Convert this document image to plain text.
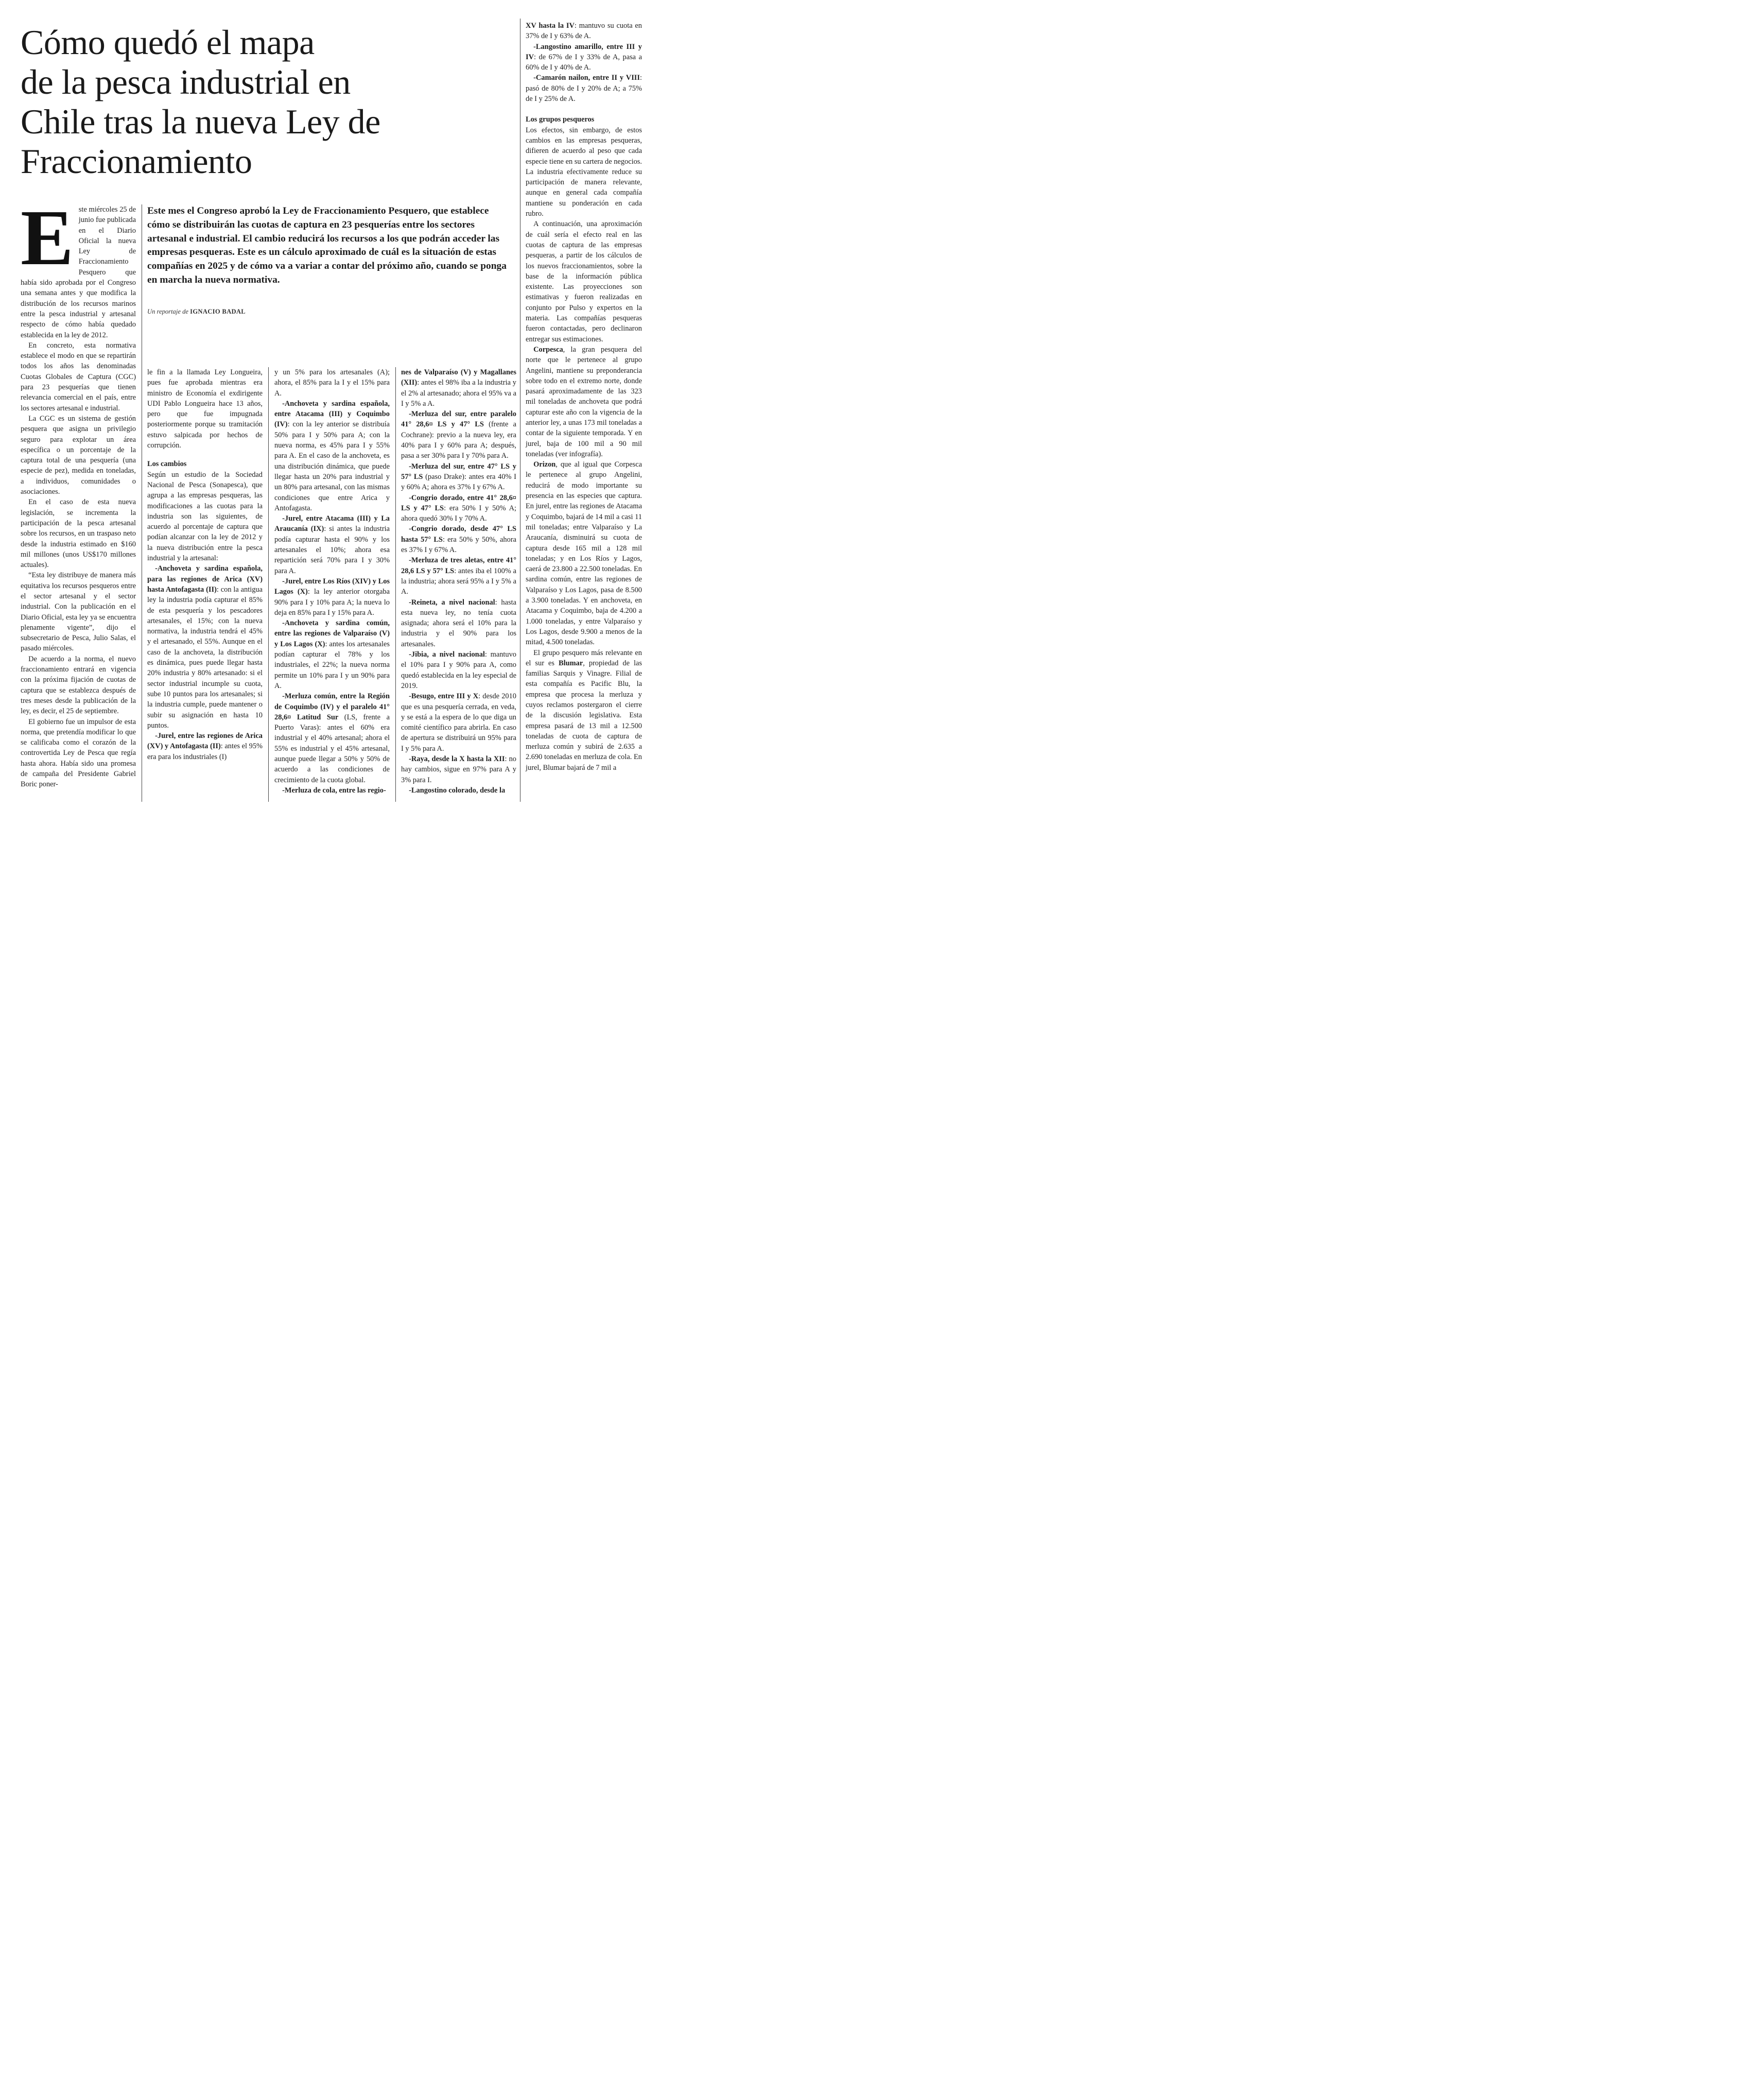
Cómo quedó el mapa
de la pesca industrial en
Chile tras la nueva Ley de
Fraccionamiento

Este mes el Congreso aprobó la Ley de Fraccionamiento Pesquero, que establece cómo se distribuirán las cuotas de captura en 23 pesquerías entre los sectores artesanal e industrial. El cambio reducirá los recursos a los que podrán acceder las empresas pesqueras. Este es un cálculo aproximado de cuál es la situación de estas compañías en 2025 y de cómo va a variar a contar del próximo año, cuando se ponga en marcha la nueva normativa.

Un reportaje de IGNACIO BADAL
E ste miércoles 25 de junio fue publicada en el Diario Oficial la nueva Ley de Fraccionamiento Pesquero que había sido aprobada por el Congreso una semana antes y que modifica la distribución de los recursos marinos entre la pesca industrial y artesanal respecto de cómo había quedado establecida en la ley de 2012.

En concreto, esta normativa establece el modo en que se repartirán todos los años las denominadas Cuotas Globales de Captura (CGC) para 23 pesquerías que tienen relevancia comercial en el país, entre los sectores artesanal e industrial.

La CGC es un sistema de gestión pesquera que asigna un privilegio seguro para explotar un área específica o un porcentaje de la captura total de una pesquería (una especie de pez), medida en toneladas, a individuos, comunidades o asociaciones.

En el caso de esta nueva legislación, se incrementa la participación de la pesca artesanal sobre los recursos, en un traspaso neto desde la industria estimado en $160 mil millones (unos US$170 millones actuales).

“Esta ley distribuye de manera más equitativa los recursos pesqueros entre el sector artesanal y el sector industrial. Con la publicación en el Diario Oficial, esta ley ya se encuentra plenamente vigente”, dijo el subsecretario de Pesca, Julio Salas, el pasado miércoles.

De acuerdo a la norma, el nuevo fraccionamiento entrará en vigencia con la próxima fijación de cuotas de captura que se establezca después de tres meses desde la publicación de la ley, es decir, el 25 de septiembre.

El gobierno fue un impulsor de esta norma, que pretendía modificar lo que se calificaba como el corazón de la controvertida Ley de Pesca que regía hasta ahora. Había sido una promesa de campaña del Presidente Gabriel Boric poner-

le fin a la llamada Ley Longueira, pues fue aprobada mientras era ministro de Economía el exdirigente UDI Pablo Longueira hace 13 años, pero que fue impugnada posteriormente porque su tramitación estuvo salpicada por hechos de corrupción.

Los cambios

Según un estudio de la Sociedad Nacional de Pesca (Sonapesca), que agrupa a las empresas pesqueras, las modificaciones a las cuotas para la industria son las siguientes, de acuerdo al porcentaje de captura que podían alcanzar con la ley de 2012 y la nueva distribución entre la pesca industrial y la artesanal:

-Anchoveta y sardina española, para las regiones de Arica (XV) hasta Antofagasta (II): con la antigua ley la industria podía capturar el 85% de esta pesquería y los pescadores artesanales, el 15%; con la nueva normativa, la industria tendrá el 45% y el artesanado, el 55%. Aunque en el caso de la anchoveta, la distribución es dinámica, pues puede llegar hasta 20% industria y 80% artesanado: si el sector industrial incumple su cuota, sube 10 puntos para los artesanales; si la industria cumple, puede mantener o subir su asignación en hasta 10 puntos.

-Jurel, entre las regiones de Arica (XV) y Antofagasta (II): antes el 95% era para los industriales (I)

y un 5% para los artesanales (A); ahora, el 85% para la I y el 15% para A.

-Anchoveta y sardina española, entre Atacama (III) y Coquimbo (IV): con la ley anterior se distribuía 50% para I y 50% para A; con la nueva norma, es 45% para I y 55% para A. En el caso de la anchoveta, es una distribución dinámica, que puede llegar hasta un 20% para industrial y un 80% para artesanal, con las mismas condiciones que entre Arica y Antofagasta.

-Jurel, entre Atacama (III) y La Araucanía (IX): si antes la industria podía capturar hasta el 90% y los artesanales el 10%; ahora esa repartición será 70% para I y 30% para A.

-Jurel, entre Los Ríos (XIV) y Los Lagos (X): la ley anterior otorgaba 90% para I y 10% para A; la nueva lo deja en 85% para I y 15% para A.

-Anchoveta y sardina común, entre las regiones de Valparaíso (V) y Los Lagos (X): antes los artesanales podían capturar el 78% y los industriales, el 22%; la nueva norma permite un 10% para I y un 90% para A.

-Merluza común, entre la Región de Coquimbo (IV) y el paralelo 41° 28,6¤ Latitud Sur (LS, frente a Puerto Varas): antes el 60% era industrial y el 40% artesanal; ahora el 55% es industrial y el 45% artesanal, aunque puede llegar a 50% y 50% de acuerdo a las condiciones de crecimiento de la cuota global.

-Merluza de cola, entre las regio-

nes de Valparaíso (V) y Magallanes (XII): antes el 98% iba a la industria y el 2% al artesanado; ahora el 95% va a I y 5% a A.

-Merluza del sur, entre paralelo 41° 28,6¤ LS y 47° LS (frente a Cochrane): previo a la nueva ley, era 40% para I y 60% para A; después, pasa a ser 30% para I y 70% para A.

-Merluza del sur, entre 47° LS y 57° LS (paso Drake): antes era 40% I y 60% A; ahora es 37% I y 67% A.

-Congrio dorado, entre 41° 28,6¤ LS y 47° LS: era 50% I y 50% A; ahora quedó 30% I y 70% A.

-Congrio dorado, desde 47° LS hasta 57° LS: era 50% y 50%, ahora es 37% I y 67% A.

-Merluza de tres aletas, entre 41° 28,6 LS y 57° LS: antes iba el 100% a la industria; ahora será 95% a I y 5% a A.

-Reineta, a nivel nacional: hasta esta nueva ley, no tenía cuota asignada; ahora será el 10% para la industria y el 90% para los artesanales.

-Jibia, a nivel nacional: mantuvo el 10% para I y 90% para A, como quedó establecida en la ley especial de 2019.

-Besugo, entre III y X: desde 2010 que es una pesquería cerrada, en veda, y se está a la espera de lo que diga un comité científico para abrirla. En caso de apertura se distribuirá un 95% para I y 5% para A.

-Raya, desde la X hasta la XII: no hay cambios, sigue en 97% para A y 3% para I.

-Langostino colorado, desde la

XV hasta la IV: mantuvo su cuota en 37% de I y 63% de A.

-Langostino amarillo, entre III y IV: de 67% de I y 33% de A, pasa a 60% de I y 40% de A.

-Camarón nailon, entre II y VIII: pasó de 80% de I y 20% de A; a 75% de I y 25% de A.

Los grupos pesqueros

Los efectos, sin embargo, de estos cambios en las empresas pesqueras, difieren de acuerdo al peso que cada especie tiene en su cartera de negocios. La industria efectivamente reduce su participación de manera relevante, aunque en general cada compañía mantiene su ponderación en cada rubro.

A continuación, una aproximación de cuál sería el efecto real en las cuotas de captura de las empresas pesqueras, a partir de los cálculos de los nuevos fraccionamientos, sobre la base de la información pública existente. Las proyecciones son estimativas y fueron realizadas en conjunto por Pulso y expertos en la materia. Las compañías pesqueras fueron contactadas, pero declinaron entregar sus estimaciones.

Corpesca, la gran pesquera del norte que le pertenece al grupo Angelini, mantiene su preponderancia sobre todo en el extremo norte, donde pasará aproximadamente de las 323 mil toneladas de anchoveta que podrá capturar este año con la vigencia de la anterior ley, a unas 173 mil toneladas a contar de la siguiente temporada. Y en jurel, baja de 100 mil a 90 mil toneladas (ver infografía).

Orizon, que al igual que Corpesca le pertenece al grupo Angelini, reducirá de modo importante su presencia en las especies que captura. En jurel, entre las regiones de Atacama y Coquimbo, bajará de 14 mil a casi 11 mil toneladas; entre Valparaíso y La Araucanía, disminuirá su cuota de captura desde 165 mil a 128 mil toneladas; y en Los Ríos y Lagos, caerá de 23.800 a 22.500 toneladas. En sardina común, entre las regiones de Valparaíso y Los Lagos, pasa de 8.500 a 3.900 toneladas. Y en anchoveta, en Atacama y Coquimbo, baja de 4.200 a 1.000 toneladas, y entre Valparaíso y Los Lagos, desde 9.900 a menos de la mitad, 4.500 toneladas.

El grupo pesquero más relevante en el sur es Blumar, propiedad de las familias Sarquis y Vinagre. Filial de esta compañía es Pacific Blu, la empresa que procesa la merluza y cuyos reclamos postergaron el cierre de la discusión legislativa. Esta empresa pasará de 13 mil a 12.500 toneladas de cuota de captura de merluza común y subirá de 2.635 a 2.690 toneladas en merluza de cola. En jurel, Blumar bajará de 7 mil a
